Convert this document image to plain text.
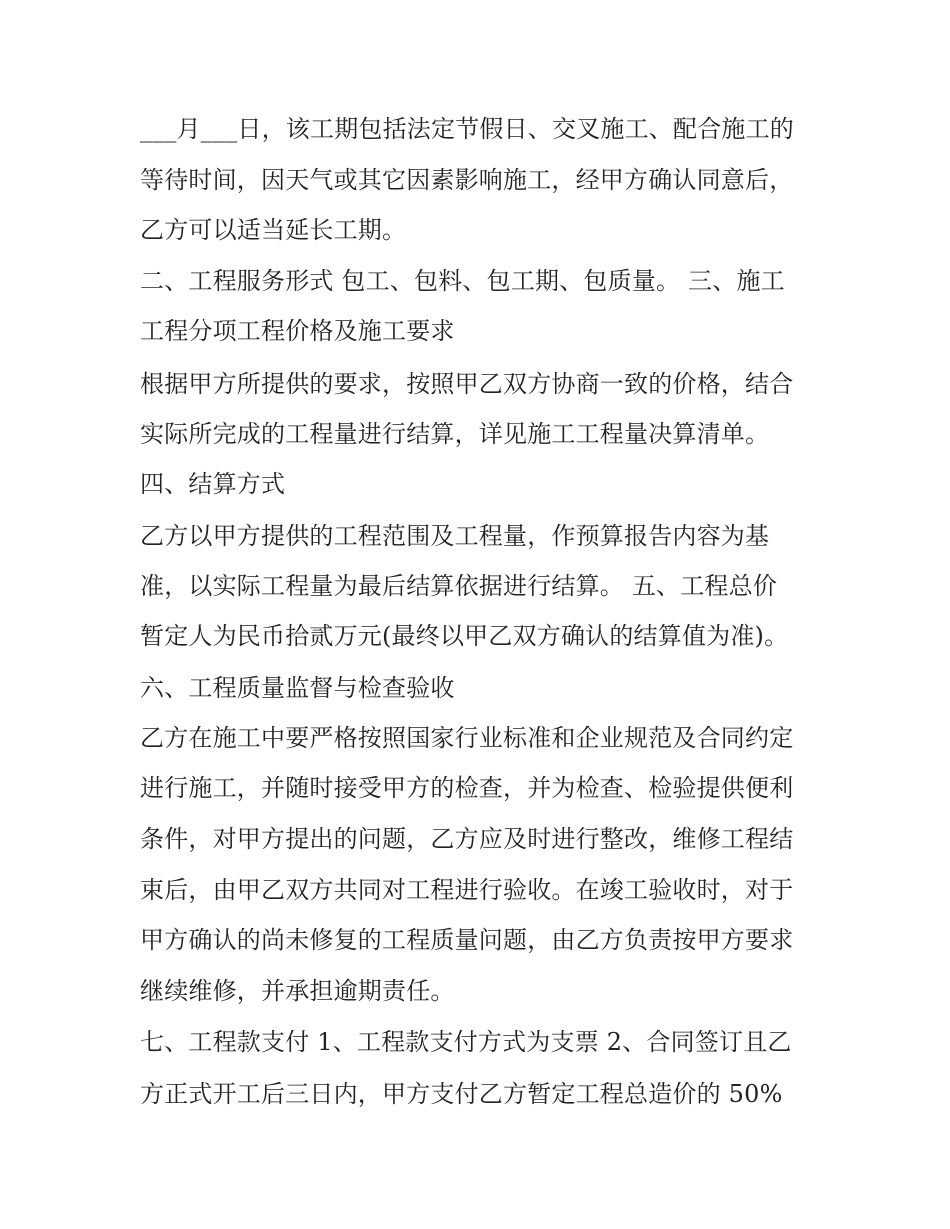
___月___日，该工期包括法定节假日、交叉施工、配合施工的

等待时间，因天气或其它因素影响施工，经甲方确认同意后，

乙方可以适当延长工期。

二、工程服务形式 包工、包料、包工期、包质量。 三、施工

工程分项工程价格及施工要求

根据甲方所提供的要求，按照甲乙双方协商一致的价格，结合

实际所完成的工程量进行结算，详见施工工程量决算清单。

四、结算方式

乙方以甲方提供的工程范围及工程量，作预算报告内容为基

准，以实际工程量为最后结算依据进行结算。 五、工程总价

暂定人为民币拾贰万元(最终以甲乙双方确认的结算值为准)。

六、工程质量监督与检查验收

乙方在施工中要严格按照国家行业标准和企业规范及合同约定

进行施工，并随时接受甲方的检查，并为检查、检验提供便利

条件，对甲方提出的问题，乙方应及时进行整改，维修工程结

束后，由甲乙双方共同对工程进行验收。在竣工验收时，对于

甲方确认的尚未修复的工程质量问题，由乙方负责按甲方要求

继续维修，并承担逾期责任。

七、工程款支付 1、工程款支付方式为支票 2、合同签订且乙

方正式开工后三日内，甲方支付乙方暂定工程总造价的 50%
